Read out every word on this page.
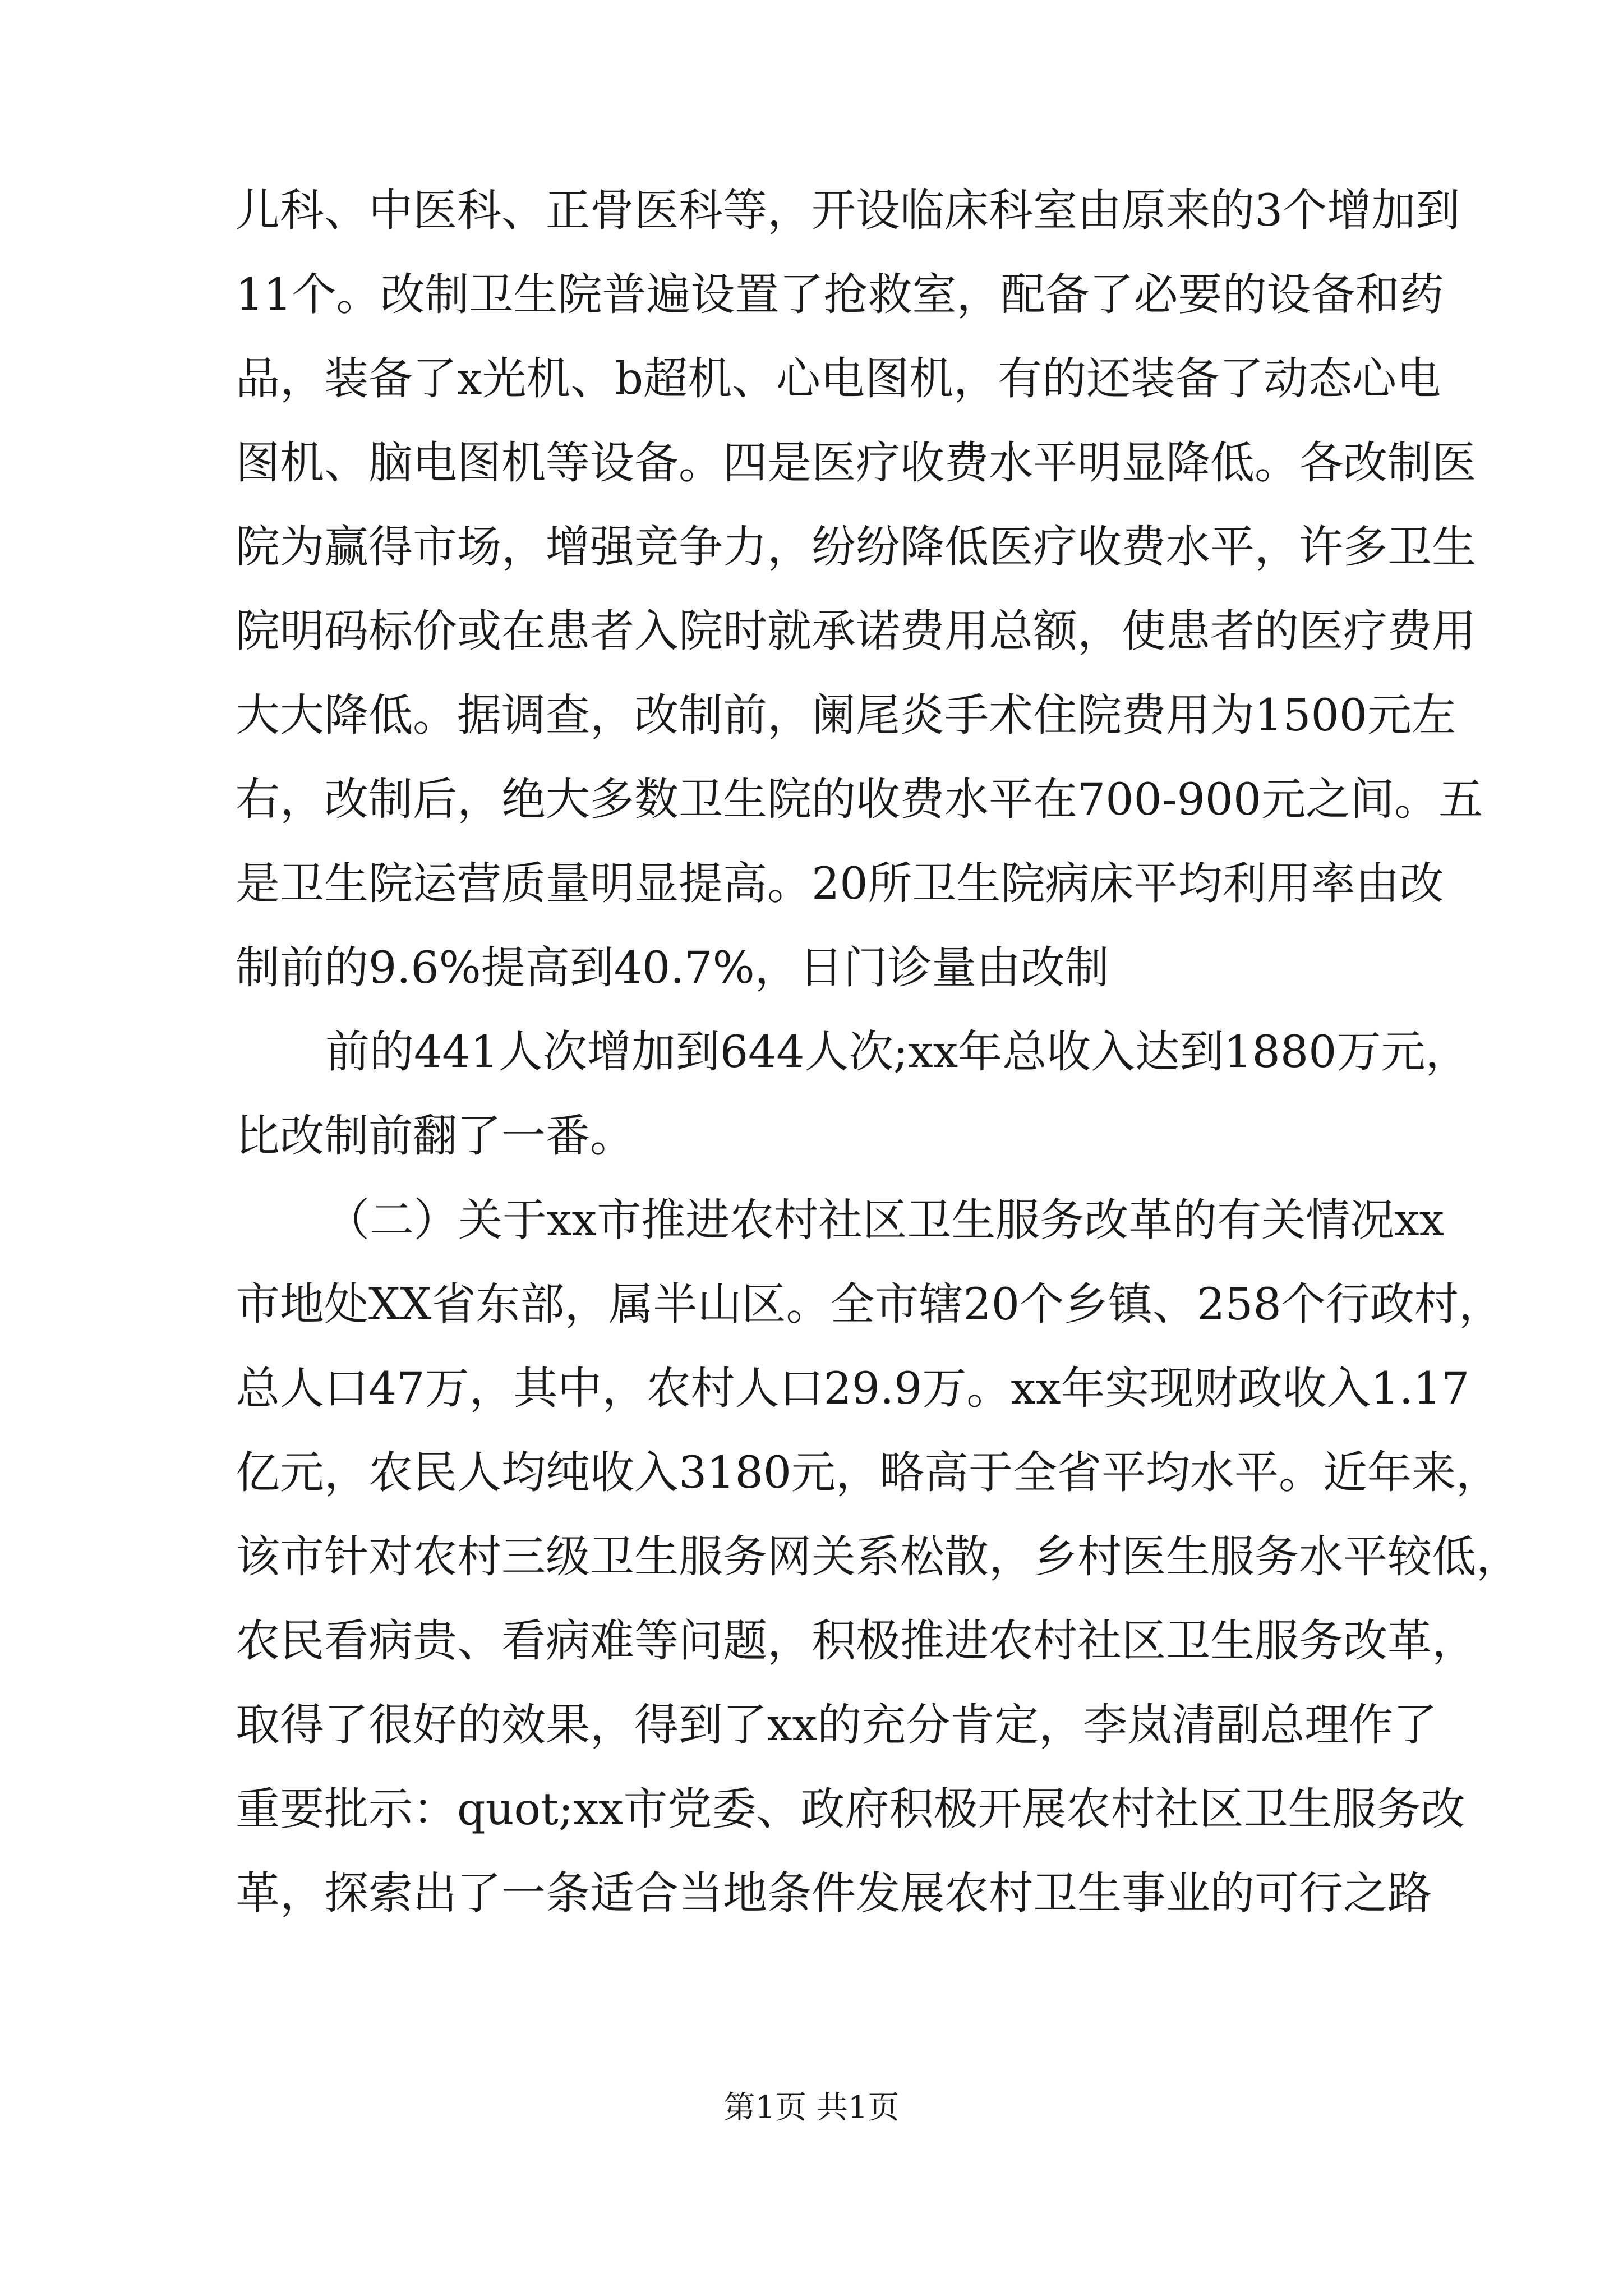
儿科、中医科、正骨医科等，开设临床科室由原来的3个增加到
11个。改制卫生院普遍设置了抢救室，配备了必要的设备和药
品，装备了x光机、b超机、心电图机，有的还装备了动态心电
图机、脑电图机等设备。四是医疗收费水平明显降低。各改制医
院为赢得市场，增强竞争力，纷纷降低医疗收费水平，许多卫生
院明码标价或在患者入院时就承诺费用总额，使患者的医疗费用
大大降低。据调查，改制前，阑尾炎手术住院费用为1500元左
右，改制后，绝大多数卫生院的收费水平在700-900元之间。五
是卫生院运营质量明显提高。20所卫生院病床平均利用率由改
制前的9.6%提高到40.7%，日门诊量由改制
前的441人次增加到644人次;xx年总收入达到1880万元，
比改制前翻了一番。
（二）关于xx市推进农村社区卫生服务改革的有关情况xx
市地处XX省东部，属半山区。全市辖20个乡镇、258个行政村，
总人口47万，其中，农村人口29.9万。xx年实现财政收入1.17
亿元，农民人均纯收入3180元，略高于全省平均水平。近年来，
该市针对农村三级卫生服务网关系松散，乡村医生服务水平较低，
农民看病贵、看病难等问题，积极推进农村社区卫生服务改革，
取得了很好的效果，得到了xx的充分肯定，李岚清副总理作了
重要批示：quot;xx市党委、政府积极开展农村社区卫生服务改
革，探索出了一条适合当地条件发展农村卫生事业的可行之路
第1页 共1页
